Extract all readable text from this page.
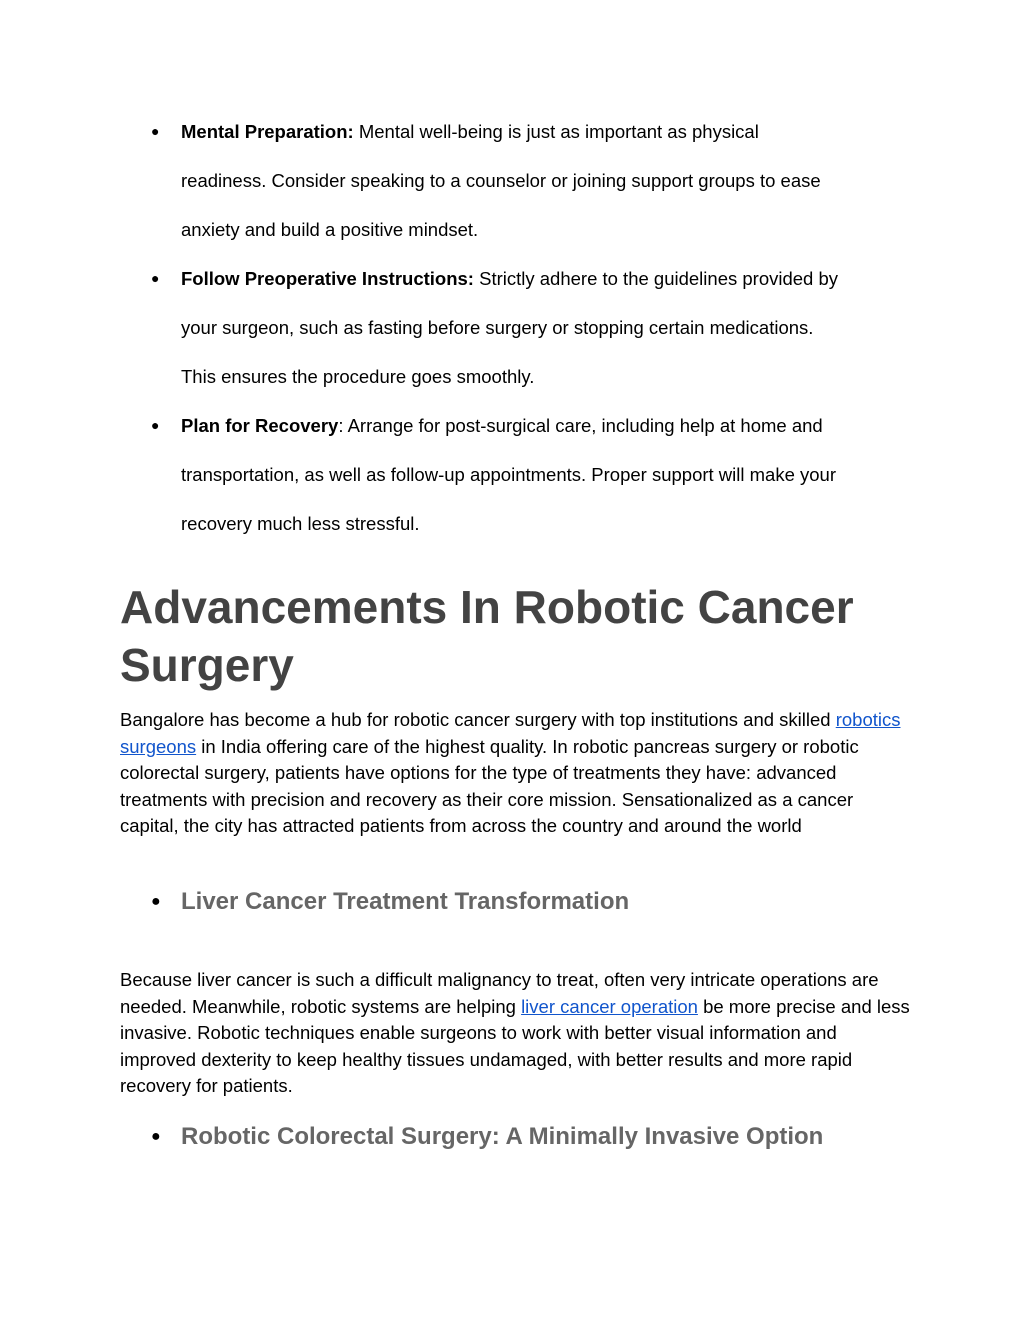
● Mental Preparation: Mental well-being is just as important as physical
readiness. Consider speaking to a counselor or joining support groups to ease
anxiety and build a positive mindset.
● Follow Preoperative Instructions: Strictly adhere to the guidelines provided by
your surgeon, such as fasting before surgery or stopping certain medications.
This ensures the procedure goes smoothly.
● Plan for Recovery: Arrange for post-surgical care, including help at home and
transportation, as well as follow-up appointments. Proper support will make your
recovery much less stressful.
Advancements In Robotic Cancer
Surgery

Bangalore has become a hub for robotic cancer surgery with top institutions and skilled robotics surgeons in India offering care of the highest quality. In robotic pancreas surgery or robotic colorectal surgery, patients have options for the type of treatments they have: advanced treatments with precision and recovery as their core mission. Sensationalized as a cancer capital, the city has attracted patients from across the country and around the world

● Liver Cancer Treatment Transformation

Because liver cancer is such a difficult malignancy to treat, often very intricate operations are needed. Meanwhile, robotic systems are helping liver cancer operation be more precise and less invasive. Robotic techniques enable surgeons to work with better visual information and improved dexterity to keep healthy tissues undamaged, with better results and more rapid recovery for patients.

● Robotic Colorectal Surgery: A Minimally Invasive Option
